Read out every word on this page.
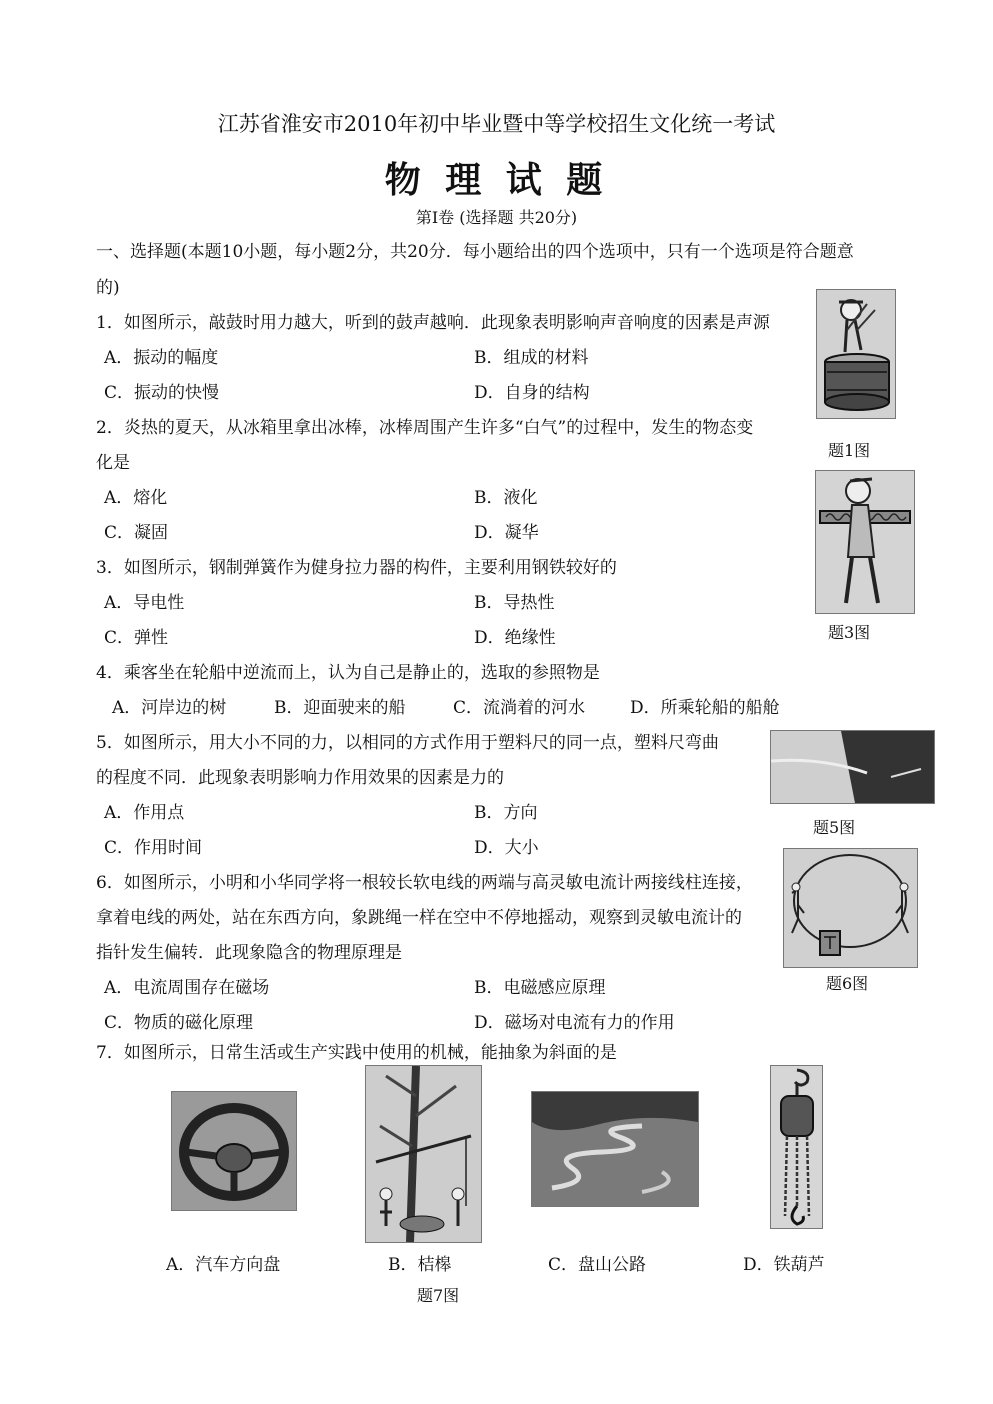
江苏省淮安市2010年初中毕业暨中等学校招生文化统一考试
物 理 试 题
第Ⅰ卷 (选择题 共20分)
一、选择题(本题10小题，每小题2分，共20分．每小题给出的四个选项中，只有一个选项是符合题意
的)
1．如图所示，敲鼓时用力越大，听到的鼓声越响．此现象表明影响声音响度的因素是声源
A．振动的幅度	B．组成的材料
C．振动的快慢	D．自身的结构
2．炎热的夏天，从冰箱里拿出冰棒，冰棒周围产生许多“白气”的过程中，发生的物态变
化是
A．熔化	B．液化
C．凝固	D．凝华
3．如图所示，钢制弹簧作为健身拉力器的构件，主要利用钢铁较好的
A．导电性	B．导热性
C．弹性	D．绝缘性
4．乘客坐在轮船中逆流而上，认为自己是静止的，选取的参照物是
A．河岸边的树	B．迎面驶来的船	C．流淌着的河水	D．所乘轮船的船舱
5．如图所示，用大小不同的力，以相同的方式作用于塑料尺的同一点，塑料尺弯曲
的程度不同．此现象表明影响力作用效果的因素是力的
A．作用点	B．方向
C．作用时间	D．大小
6．如图所示，小明和小华同学将一根较长软电线的两端与高灵敏电流计两接线柱连接，
拿着电线的两处，站在东西方向，象跳绳一样在空中不停地摇动，观察到灵敏电流计的
指针发生偏转．此现象隐含的物理原理是
A．电流周围存在磁场	B．电磁感应原理
C．物质的磁化原理	D．磁场对电流有力的作用
7．如图所示，日常生活或生产实践中使用的机械，能抽象为斜面的是
A．汽车方向盘	B．桔槔	C．盘山公路	D．铁葫芦
题7图
题1图
题3图
题5图
题6图
